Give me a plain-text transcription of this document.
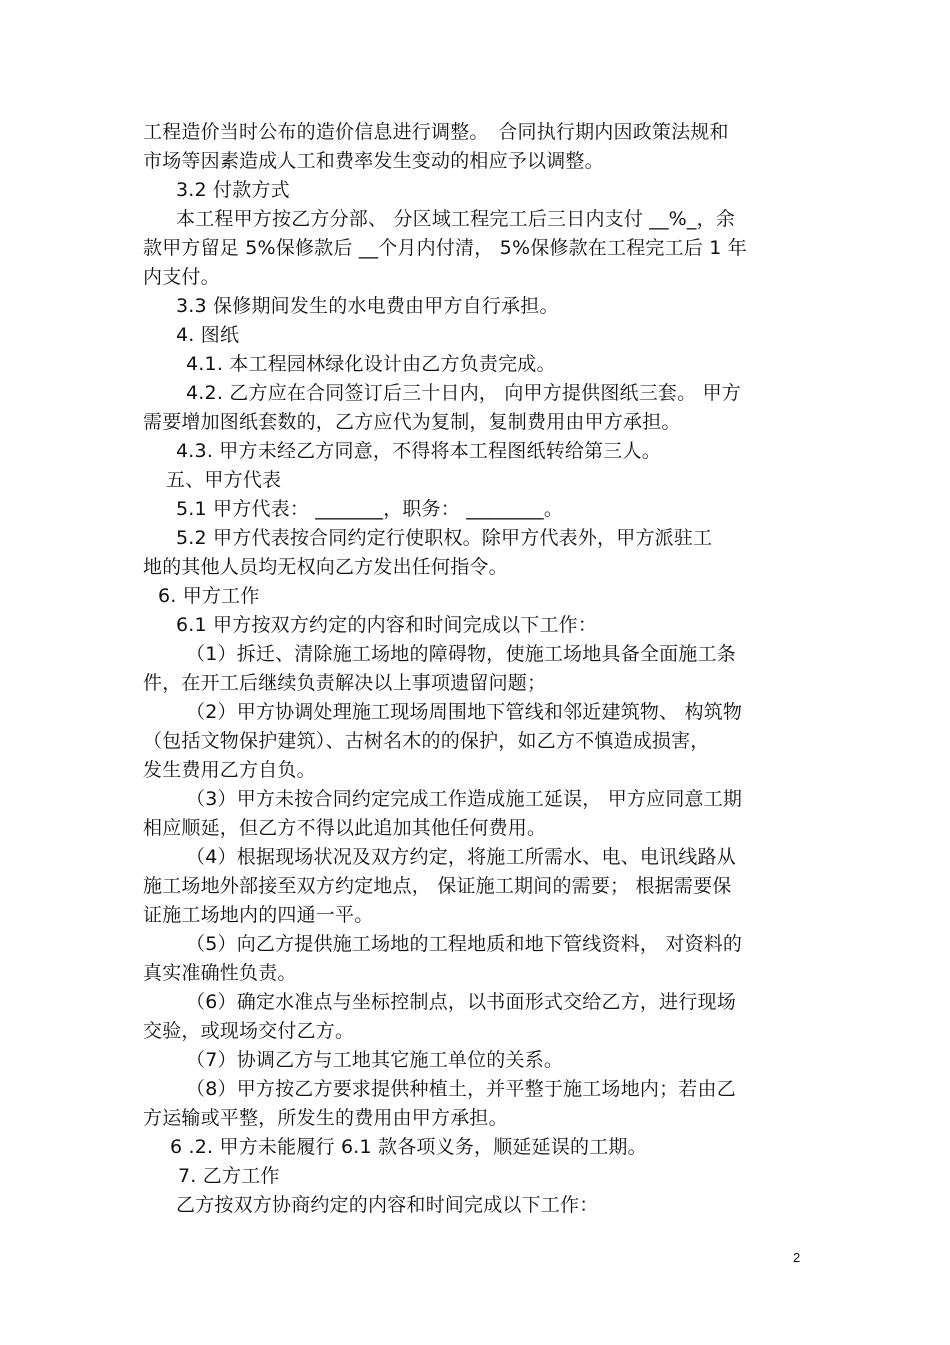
工程造价当时公布的造价信息进行调整。　合同执行期内因政策法规和
市场等因素造成人工和费率发生变动的相应予以调整。
3.2 付款方式
本工程甲方按乙方分部、 分区域工程完工后三日内支付 __%_，余
款甲方留足 5%保修款后 __个月内付清， 5%保修款在工程完工后 1 年
内支付。
3.3 保修期间发生的水电费由甲方自行承担。
4. 图纸
4.1. 本工程园林绿化设计由乙方负责完成。
4.2. 乙方应在合同签订后三十日内， 向甲方提供图纸三套。 甲方
需要增加图纸套数的，乙方应代为复制，复制费用由甲方承担。
4.3. 甲方未经乙方同意，不得将本工程图纸转给第三人。
五、甲方代表
5.1 甲方代表： _______，职务： ________。
5.2 甲方代表按合同约定行使职权。除甲方代表外，甲方派驻工
地的其他人员均无权向乙方发出任何指令。
6. 甲方工作
6.1 甲方按双方约定的内容和时间完成以下工作：
（1）拆迁、清除施工场地的障碍物，使施工场地具备全面施工条
件，在开工后继续负责解决以上事项遗留问题；
（2）甲方协调处理施工现场周围地下管线和邻近建筑物、 构筑物
（包括文物保护建筑）、古树名木的的保护，如乙方不慎造成损害，
发生费用乙方自负。
（3）甲方未按合同约定完成工作造成施工延误， 甲方应同意工期
相应顺延，但乙方不得以此追加其他任何费用。
（4）根据现场状况及双方约定，将施工所需水、电、电讯线路从
施工场地外部接至双方约定地点， 保证施工期间的需要； 根据需要保
证施工场地内的四通一平。
（5）向乙方提供施工场地的工程地质和地下管线资料， 对资料的
真实准确性负责。
（6）确定水准点与坐标控制点，以书面形式交给乙方，进行现场
交验，或现场交付乙方。
（7）协调乙方与工地其它施工单位的关系。
（8）甲方按乙方要求提供种植土，并平整于施工场地内；若由乙
方运输或平整，所发生的费用由甲方承担。
6 .2. 甲方未能履行 6.1 款各项义务，顺延延误的工期。
7. 乙方工作
乙方按双方协商约定的内容和时间完成以下工作：
2
